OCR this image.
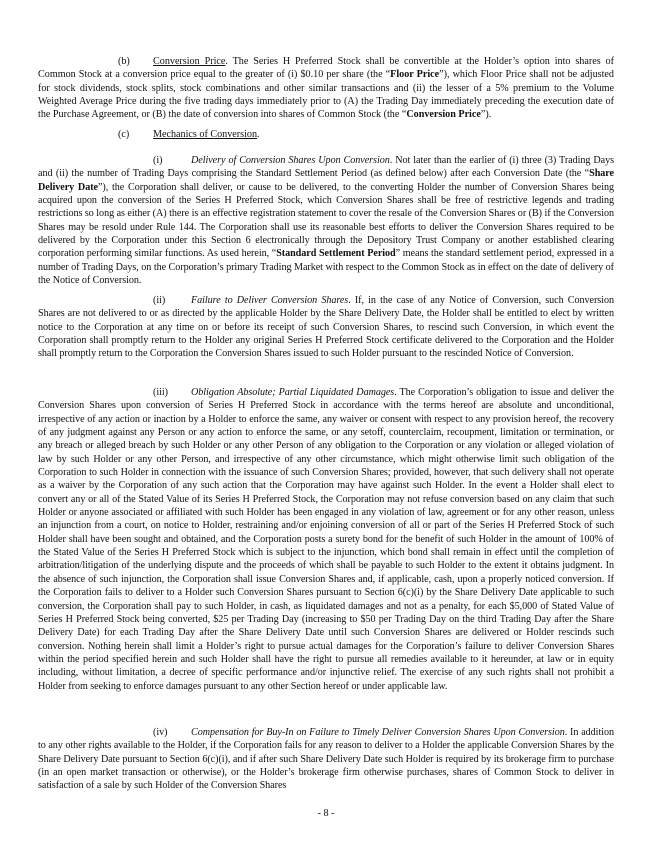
(b) Conversion Price. The Series H Preferred Stock shall be convertible at the Holder’s option into shares of Common Stock at a conversion price equal to the greater of (i) $0.10 per share (the “Floor Price”), which Floor Price shall not be adjusted for stock dividends, stock splits, stock combinations and other similar transactions and (ii) the lesser of a 5% premium to the Volume Weighted Average Price during the five trading days immediately prior to (A) the Trading Day immediately preceding the execution date of the Purchase Agreement, or (B) the date of conversion into shares of Common Stock (the “Conversion Price”).

(c) Mechanics of Conversion.

(i)	Delivery of Conversion Shares Upon Conversion. Not later than the earlier of (i) three (3) Trading Days and (ii) the number of Trading Days comprising the Standard Settlement Period (as defined below) after each Conversion Date (the “Share Delivery Date”), the Corporation shall deliver, or cause to be delivered, to the converting Holder the number of Conversion Shares being acquired upon the conversion of the Series H Preferred Stock, which Conversion Shares shall be free of restrictive legends and trading restrictions so long as either (A) there is an effective registration statement to cover the resale of the Conversion Shares or (B) if the Conversion Shares may be resold under Rule 144. The Corporation shall use its reasonable best efforts to deliver the Conversion Shares required to be delivered by the Corporation under this Section 6 electronically through the Depository Trust Company or another established clearing corporation performing similar functions. As used herein, “Standard Settlement Period” means the standard settlement period, expressed in a number of Trading Days, on the Corporation’s primary Trading Market with respect to the Common Stock as in effect on the date of delivery of the Notice of Conversion.

(ii)	Failure to Deliver Conversion Shares. If, in the case of any Notice of Conversion, such Conversion Shares are not delivered to or as directed by the applicable Holder by the Share Delivery Date, the Holder shall be entitled to elect by written notice to the Corporation at any time on or before its receipt of such Conversion Shares, to rescind such Conversion, in which event the Corporation shall promptly return to the Holder any original Series H Preferred Stock certificate delivered to the Corporation and the Holder shall promptly return to the Corporation the Conversion Shares issued to such Holder pursuant to the rescinded Notice of Conversion.

(iii) Obligation Absolute; Partial Liquidated Damages. The Corporation’s obligation to issue and deliver the Conversion Shares upon conversion of Series H Preferred Stock in accordance with the terms hereof are absolute and unconditional, irrespective of any action or inaction by a Holder to enforce the same, any waiver or consent with respect to any provision hereof, the recovery of any judgment against any Person or any action to enforce the same, or any setoff, counterclaim, recoupment, limitation or termination, or any breach or alleged breach by such Holder or any other Person of any obligation to the Corporation or any violation or alleged violation of law by such Holder or any other Person, and irrespective of any other circumstance, which might otherwise limit such obligation of the Corporation to such Holder in connection with the issuance of such Conversion Shares; provided, however, that such delivery shall not operate as a waiver by the Corporation of any such action that the Corporation may have against such Holder. In the event a Holder shall elect to convert any or all of the Stated Value of its Series H Preferred Stock, the Corporation may not refuse conversion based on any claim that such Holder or anyone associated or affiliated with such Holder has been engaged in any violation of law, agreement or for any other reason, unless an injunction from a court, on notice to Holder, restraining and/or enjoining conversion of all or part of the Series H Preferred Stock of such Holder shall have been sought and obtained, and the Corporation posts a surety bond for the benefit of such Holder in the amount of 100% of the Stated Value of the Series H Preferred Stock which is subject to the injunction, which bond shall remain in effect until the completion of arbitration/litigation of the underlying dispute and the proceeds of which shall be payable to such Holder to the extent it obtains judgment. In the absence of such injunction, the Corporation shall issue Conversion Shares and, if applicable, cash, upon a properly noticed conversion. If the Corporation fails to deliver to a Holder such Conversion Shares pursuant to Section 6(c)(i) by the Share Delivery Date applicable to such conversion, the Corporation shall pay to such Holder, in cash, as liquidated damages and not as a penalty, for each $5,000 of Stated Value of Series H Preferred Stock being converted, $25 per Trading Day (increasing to $50 per Trading Day on the third Trading Day after the Share Delivery Date) for each Trading Day after the Share Delivery Date until such Conversion Shares are delivered or Holder rescinds such conversion. Nothing herein shall limit a Holder’s right to pursue actual damages for the Corporation’s failure to deliver Conversion Shares within the period specified herein and such Holder shall have the right to pursue all remedies available to it hereunder, at law or in equity including, without limitation, a decree of specific performance and/or injunctive relief. The exercise of any such rights shall not prohibit a Holder from seeking to enforce damages pursuant to any other Section hereof or under applicable law.

(iv) Compensation for Buy-In on Failure to Timely Deliver Conversion Shares Upon Conversion. In addition to any other rights available to the Holder, if the Corporation fails for any reason to deliver to a Holder the applicable Conversion Shares by the Share Delivery Date pursuant to Section 6(c)(i), and if after such Share Delivery Date such Holder is required by its brokerage firm to purchase (in an open market transaction or otherwise), or the Holder’s brokerage firm otherwise purchases, shares of Common Stock to deliver in satisfaction of a sale by such Holder of the Conversion Shares

- 8 -
